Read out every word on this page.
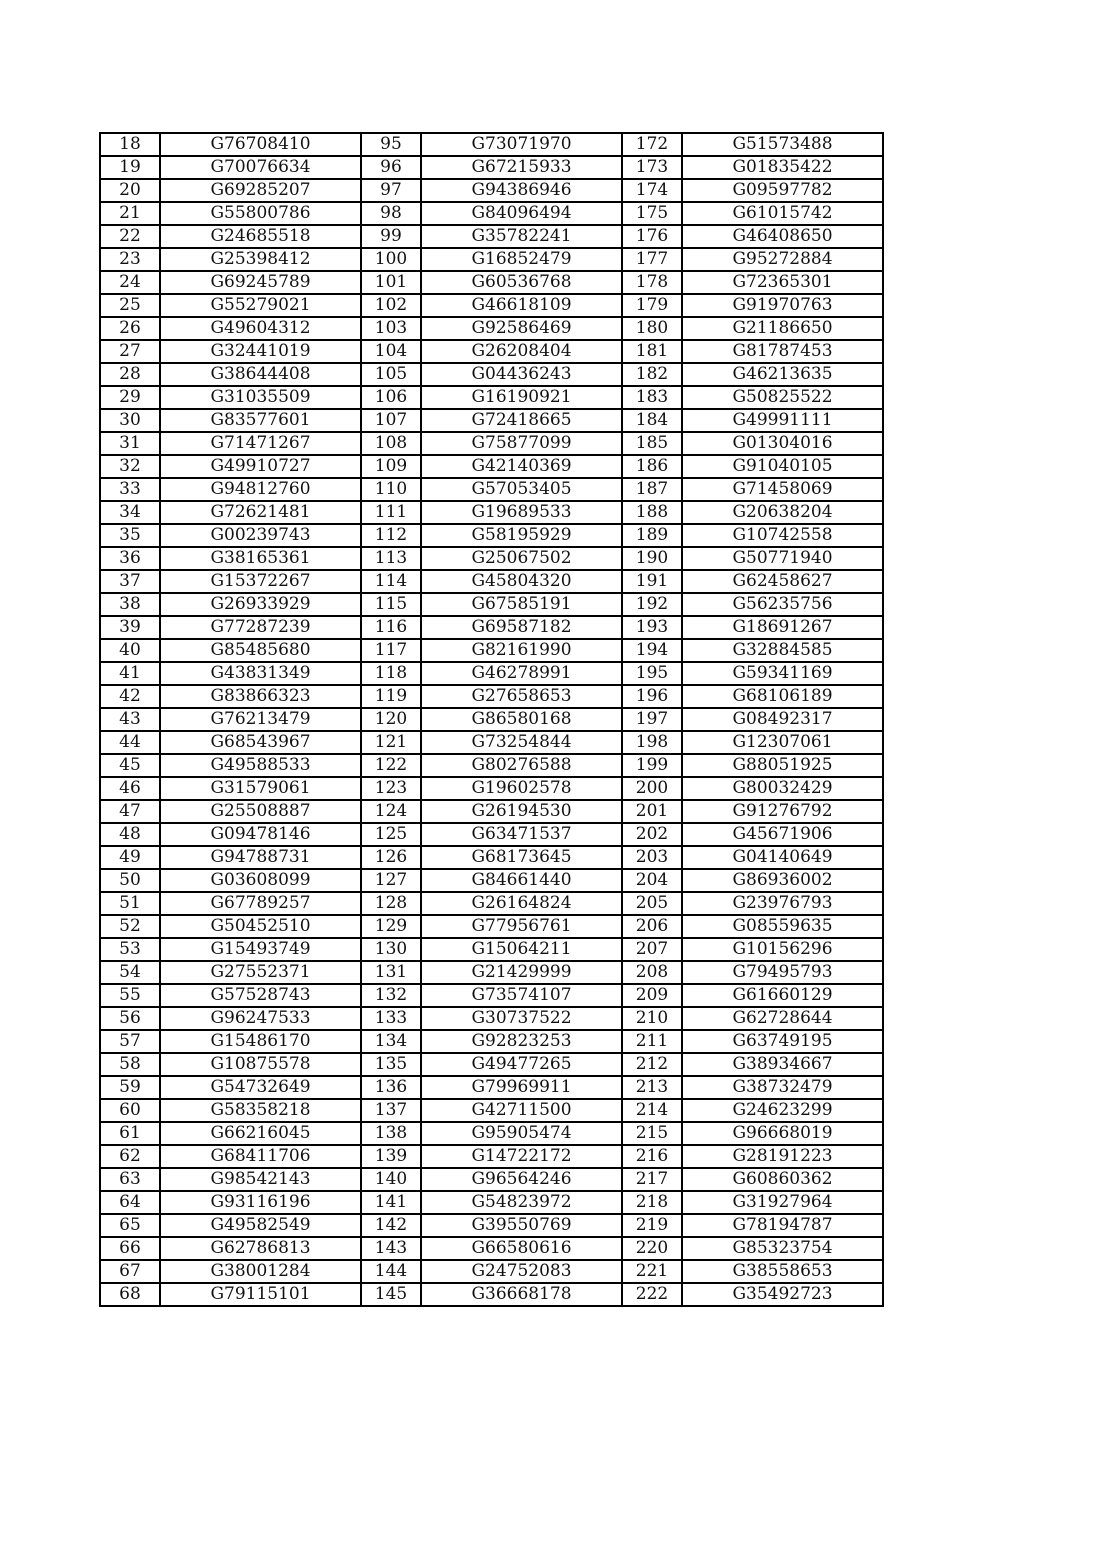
18	G76708410	95	G73071970	172	G51573488
19	G70076634	96	G67215933	173	G01835422
20	G69285207	97	G94386946	174	G09597782
21	G55800786	98	G84096494	175	G61015742
22	G24685518	99	G35782241	176	G46408650
23	G25398412	100	G16852479	177	G95272884
24	G69245789	101	G60536768	178	G72365301
25	G55279021	102	G46618109	179	G91970763
26	G49604312	103	G92586469	180	G21186650
27	G32441019	104	G26208404	181	G81787453
28	G38644408	105	G04436243	182	G46213635
29	G31035509	106	G16190921	183	G50825522
30	G83577601	107	G72418665	184	G49991111
31	G71471267	108	G75877099	185	G01304016
32	G49910727	109	G42140369	186	G91040105
33	G94812760	110	G57053405	187	G71458069
34	G72621481	111	G19689533	188	G20638204
35	G00239743	112	G58195929	189	G10742558
36	G38165361	113	G25067502	190	G50771940
37	G15372267	114	G45804320	191	G62458627
38	G26933929	115	G67585191	192	G56235756
39	G77287239	116	G69587182	193	G18691267
40	G85485680	117	G82161990	194	G32884585
41	G43831349	118	G46278991	195	G59341169
42	G83866323	119	G27658653	196	G68106189
43	G76213479	120	G86580168	197	G08492317
44	G68543967	121	G73254844	198	G12307061
45	G49588533	122	G80276588	199	G88051925
46	G31579061	123	G19602578	200	G80032429
47	G25508887	124	G26194530	201	G91276792
48	G09478146	125	G63471537	202	G45671906
49	G94788731	126	G68173645	203	G04140649
50	G03608099	127	G84661440	204	G86936002
51	G67789257	128	G26164824	205	G23976793
52	G50452510	129	G77956761	206	G08559635
53	G15493749	130	G15064211	207	G10156296
54	G27552371	131	G21429999	208	G79495793
55	G57528743	132	G73574107	209	G61660129
56	G96247533	133	G30737522	210	G62728644
57	G15486170	134	G92823253	211	G63749195
58	G10875578	135	G49477265	212	G38934667
59	G54732649	136	G79969911	213	G38732479
60	G58358218	137	G42711500	214	G24623299
61	G66216045	138	G95905474	215	G96668019
62	G68411706	139	G14722172	216	G28191223
63	G98542143	140	G96564246	217	G60860362
64	G93116196	141	G54823972	218	G31927964
65	G49582549	142	G39550769	219	G78194787
66	G62786813	143	G66580616	220	G85323754
67	G38001284	144	G24752083	221	G38558653
68	G79115101	145	G36668178	222	G35492723
